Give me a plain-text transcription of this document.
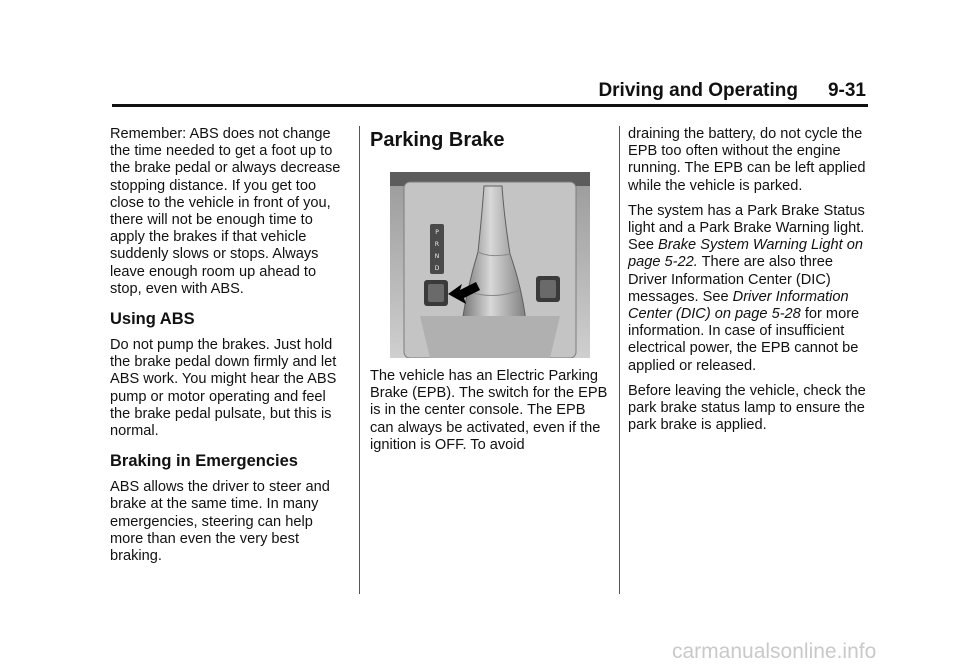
Driving and Operating 9-31

Remember: ABS does not change the time needed to get a foot up to the brake pedal or always decrease stopping distance. If you get too close to the vehicle in front of you, there will not be enough time to apply the brakes if that vehicle suddenly slows or stops. Always leave enough room up ahead to stop, even with ABS.

Using ABS

Do not pump the brakes. Just hold the brake pedal down firmly and let ABS work. You might hear the ABS pump or motor operating and feel the brake pedal pulsate, but this is normal.

Braking in Emergencies

ABS allows the driver to steer and brake at the same time. In many emergencies, steering can help more than even the very best braking.

Parking Brake

The vehicle has an Electric Parking Brake (EPB). The switch for the EPB is in the center console. The EPB can always be activated, even if the ignition is OFF. To avoid

P
R
N
D

draining the battery, do not cycle the EPB too often without the engine running. The EPB can be left applied while the vehicle is parked.

The system has a Park Brake Status light and a Park Brake Warning light. See Brake System Warning Light on page 5-22. There are also three Driver Information Center (DIC) messages. See Driver Information Center (DIC) on page 5-28 for more information. In case of insufficient electrical power, the EPB cannot be applied or released.

Before leaving the vehicle, check the park brake status lamp to ensure the park brake is applied.

carmanualsonline.info
